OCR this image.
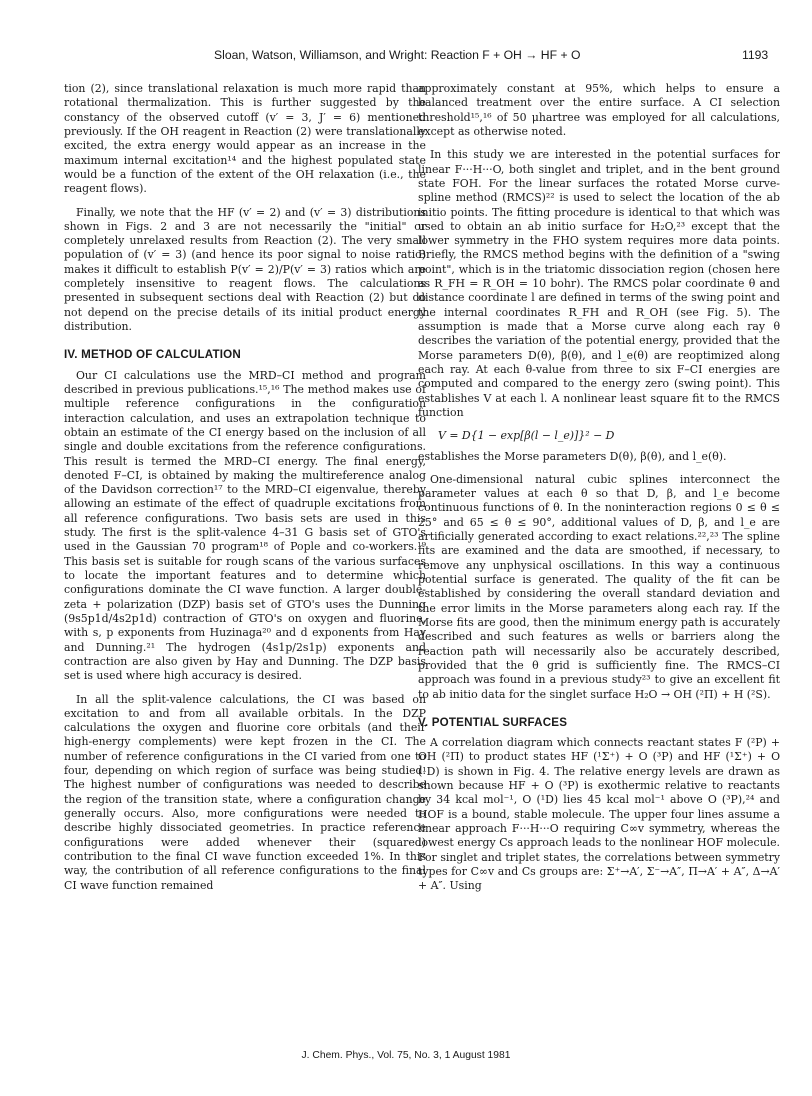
Sloan, Watson, Williamson, and Wright: Reaction F + OH → HF + O	1193

tion (2), since translational relaxation is much more rapid than rotational thermalization. This is further suggested by the constancy of the observed cutoff (v′ = 3, J′ = 6) mentioned previously. If the OH reagent in Reaction (2) were translationally excited, the extra energy would appear as an increase in the maximum internal excitation¹⁴ and the highest populated state would be a function of the extent of the OH relaxation (i.e., the reagent flows).

Finally, we note that the HF (v′ = 2) and (v′ = 3) distributions shown in Figs. 2 and 3 are not necessarily the "initial" or completely unrelaxed results from Reaction (2). The very small population of (v′ = 3) (and hence its poor signal to noise ratio) makes it difficult to establish P(v′ = 2)/P(v′ = 3) ratios which are completely insensitive to reagent flows. The calculations presented in subsequent sections deal with Reaction (2) but do not depend on the precise details of its initial product energy distribution.

IV. METHOD OF CALCULATION

Our CI calculations use the MRD–CI method and program described in previous publications.¹⁵,¹⁶ The method makes use of multiple reference configurations in the configuration interaction calculation, and uses an extrapolation technique to obtain an estimate of the CI energy based on the inclusion of all single and double excitations from the reference configurations. This result is termed the MRD–CI energy. The final energy, denoted F–CI, is obtained by making the multireference analog of the Davidson correction¹⁷ to the MRD–CI eigenvalue, thereby allowing an estimate of the effect of quadruple excitations from all reference configurations. Two basis sets are used in this study. The first is the split-valence 4–31 G basis set of GTO's used in the Gaussian 70 program¹⁸ of Pople and co-workers.¹⁹ This basis set is suitable for rough scans of the various surfaces to locate the important features and to determine which configurations dominate the CI wave function. A larger double-zeta + polarization (DZP) basis set of GTO's uses the Dunning (9s5p1d/4s2p1d) contraction of GTO's on oxygen and fluorine, with s, p exponents from Huzinaga²⁰ and d exponents from Hay and Dunning.²¹ The hydrogen (4s1p/2s1p) exponents and contraction are also given by Hay and Dunning. The DZP basis set is used where high accuracy is desired.

In all the split-valence calculations, the CI was based on excitation to and from all available orbitals. In the DZP calculations the oxygen and fluorine core orbitals (and their high-energy complements) were kept frozen in the CI. The number of reference configurations in the CI varied from one to four, depending on which region of surface was being studied. The highest number of configurations was needed to describe the region of the transition state, where a configuration change generally occurs. Also, more configurations were needed to describe highly dissociated geometries. In practice reference configurations were added whenever their (squared) contribution to the final CI wave function exceeded 1%. In this way, the contribution of all reference configurations to the final CI wave function remained

approximately constant at 95%, which helps to ensure a balanced treatment over the entire surface. A CI selection threshold¹⁵,¹⁶ of 50 μhartree was employed for all calculations, except as otherwise noted.

In this study we are interested in the potential surfaces for linear F···H···O, both singlet and triplet, and in the bent ground state FOH. For the linear surfaces the rotated Morse curve-spline method (RMCS)²² is used to select the location of the ab initio points. The fitting procedure is identical to that which was used to obtain an ab initio surface for H₂O,²³ except that the lower symmetry in the FHO system requires more data points. Briefly, the RMCS method begins with the definition of a "swing point", which is in the triatomic dissociation region (chosen here as R_FH = R_OH = 10 bohr). The RMCS polar coordinate θ and distance coordinate l are defined in terms of the swing point and the internal coordinates R_FH and R_OH (see Fig. 5). The assumption is made that a Morse curve along each ray θ describes the variation of the potential energy, provided that the Morse parameters D(θ), β(θ), and l_e(θ) are reoptimized along each ray. At each θ-value from three to six F–CI energies are computed and compared to the energy zero (swing point). This establishes V at each l. A nonlinear least square fit to the RMCS function

V = D{1 − exp[β(l − l_e)]}² − D

establishes the Morse parameters D(θ), β(θ), and l_e(θ).

One-dimensional natural cubic splines interconnect the parameter values at each θ so that D, β, and l_e become continuous functions of θ. In the noninteraction regions 0 ≤ θ ≤ 25° and 65 ≤ θ ≤ 90°, additional values of D, β, and l_e are artificially generated according to exact relations.²²,²³ The spline fits are examined and the data are smoothed, if necessary, to remove any unphysical oscillations. In this way a continuous potential surface is generated. The quality of the fit can be established by considering the overall standard deviation and the error limits in the Morse parameters along each ray. If the Morse fits are good, then the minimum energy path is accurately described and such features as wells or barriers along the reaction path will necessarily also be accurately described, provided that the θ grid is sufficiently fine. The RMCS–CI approach was found in a previous study²³ to give an excellent fit to ab initio data for the singlet surface H₂O → OH (²Π) + H (²S).

V. POTENTIAL SURFACES

A correlation diagram which connects reactant states F (²P) + OH (²Π) to product states HF (¹Σ⁺) + O (³P) and HF (¹Σ⁺) + O (¹D) is shown in Fig. 4. The relative energy levels are drawn as shown because HF + O (³P) is exothermic relative to reactants by 34 kcal mol⁻¹, O (¹D) lies 45 kcal mol⁻¹ above O (³P),²⁴ and HOF is a bound, stable molecule. The upper four lines assume a linear approach F···H···O requiring C∞v symmetry, whereas the lowest energy Cs approach leads to the nonlinear HOF molecule. For singlet and triplet states, the correlations between symmetry types for C∞v and Cs groups are: Σ⁺→A′, Σ⁻→A″, Π→A′ + A″, Δ→A′ + A″. Using

J. Chem. Phys., Vol. 75, No. 3, 1 August 1981
